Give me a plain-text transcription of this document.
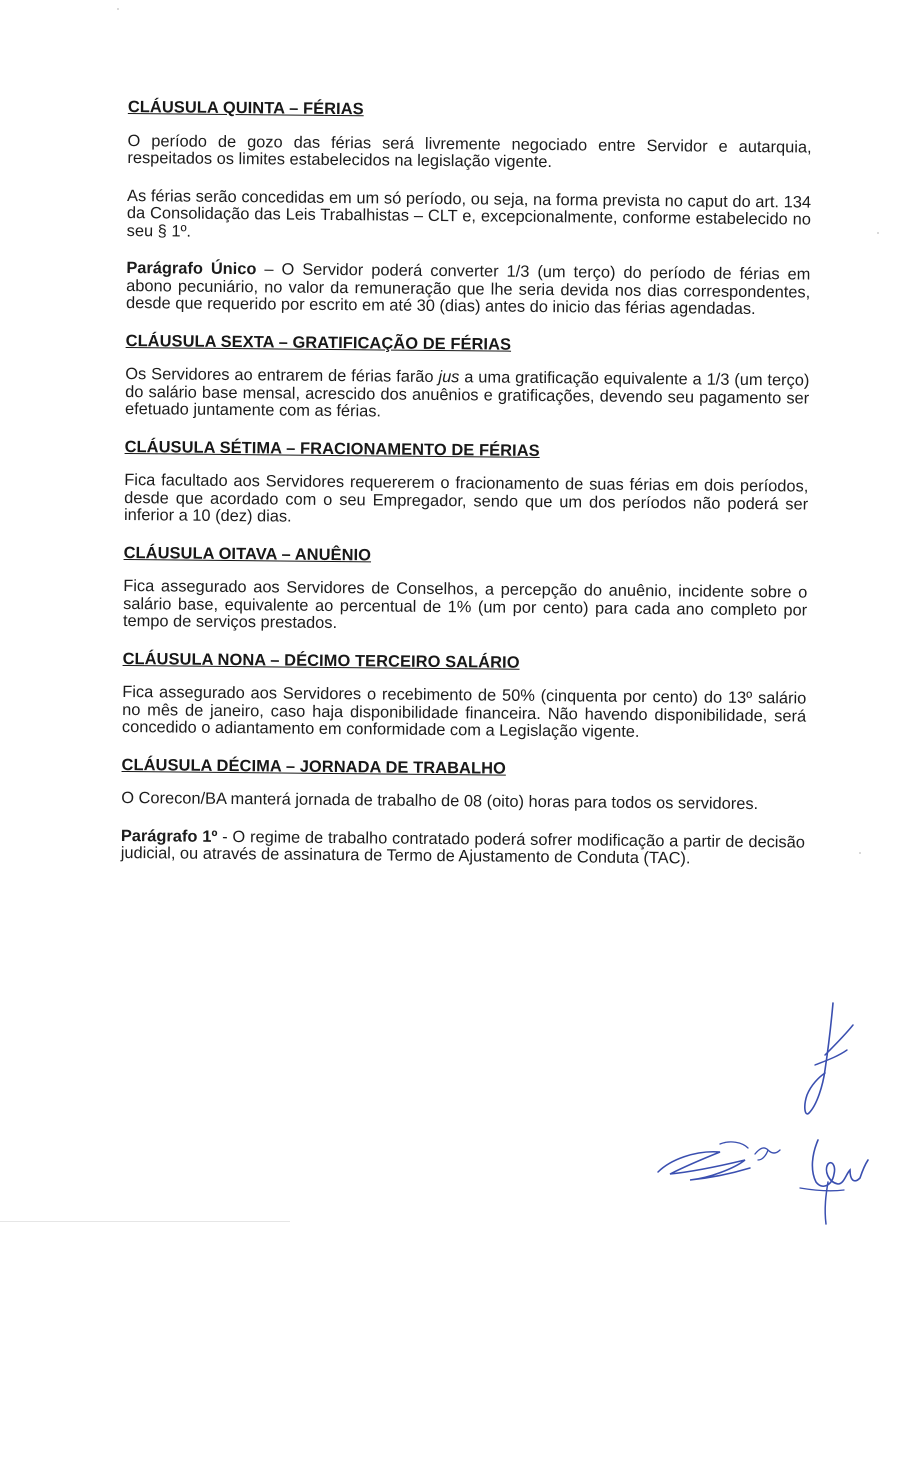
CLÁUSULA QUINTA – FÉRIAS

O período de gozo das férias será livremente negociado entre Servidor e autarquia, respeitados os limites estabelecidos na legislação vigente.

As férias serão concedidas em um só período, ou seja, na forma prevista no caput do art. 134 da Consolidação das Leis Trabalhistas – CLT e, excepcionalmente, conforme estabelecido no seu § 1º.

Parágrafo Único – O Servidor poderá converter 1/3 (um terço) do período de férias em abono pecuniário, no valor da remuneração que lhe seria devida nos dias correspondentes, desde que requerido por escrito em até 30 (dias) antes do inicio das férias agendadas.

CLÁUSULA SEXTA – GRATIFICAÇÃO DE FÉRIAS

Os Servidores ao entrarem de férias farão jus a uma gratificação equivalente a 1/3 (um terço) do salário base mensal, acrescido dos anuênios e gratificações, devendo seu pagamento ser efetuado juntamente com as férias.

CLÁUSULA SÉTIMA – FRACIONAMENTO DE FÉRIAS

Fica facultado aos Servidores requererem o fracionamento de suas férias em dois períodos, desde que acordado com o seu Empregador, sendo que um dos períodos não poderá ser inferior a 10 (dez) dias.

CLÁUSULA OITAVA – ANUÊNIO

Fica assegurado aos Servidores de Conselhos, a percepção do anuênio, incidente sobre o salário base, equivalente ao percentual de 1% (um por cento) para cada ano completo por tempo de serviços prestados.

CLÁUSULA NONA – DÉCIMO TERCEIRO SALÁRIO

Fica assegurado aos Servidores o recebimento de 50% (cinquenta por cento) do 13º salário no mês de janeiro, caso haja disponibilidade financeira. Não havendo disponibilidade, será concedido o adiantamento em conformidade com a Legislação vigente.

CLÁUSULA DÉCIMA – JORNADA DE TRABALHO

O Corecon/BA manterá jornada de trabalho de 08 (oito) horas para todos os servidores.

Parágrafo 1º - O regime de trabalho contratado poderá sofrer modificação a partir de decisão judicial, ou através de assinatura de Termo de Ajustamento de Conduta (TAC).
